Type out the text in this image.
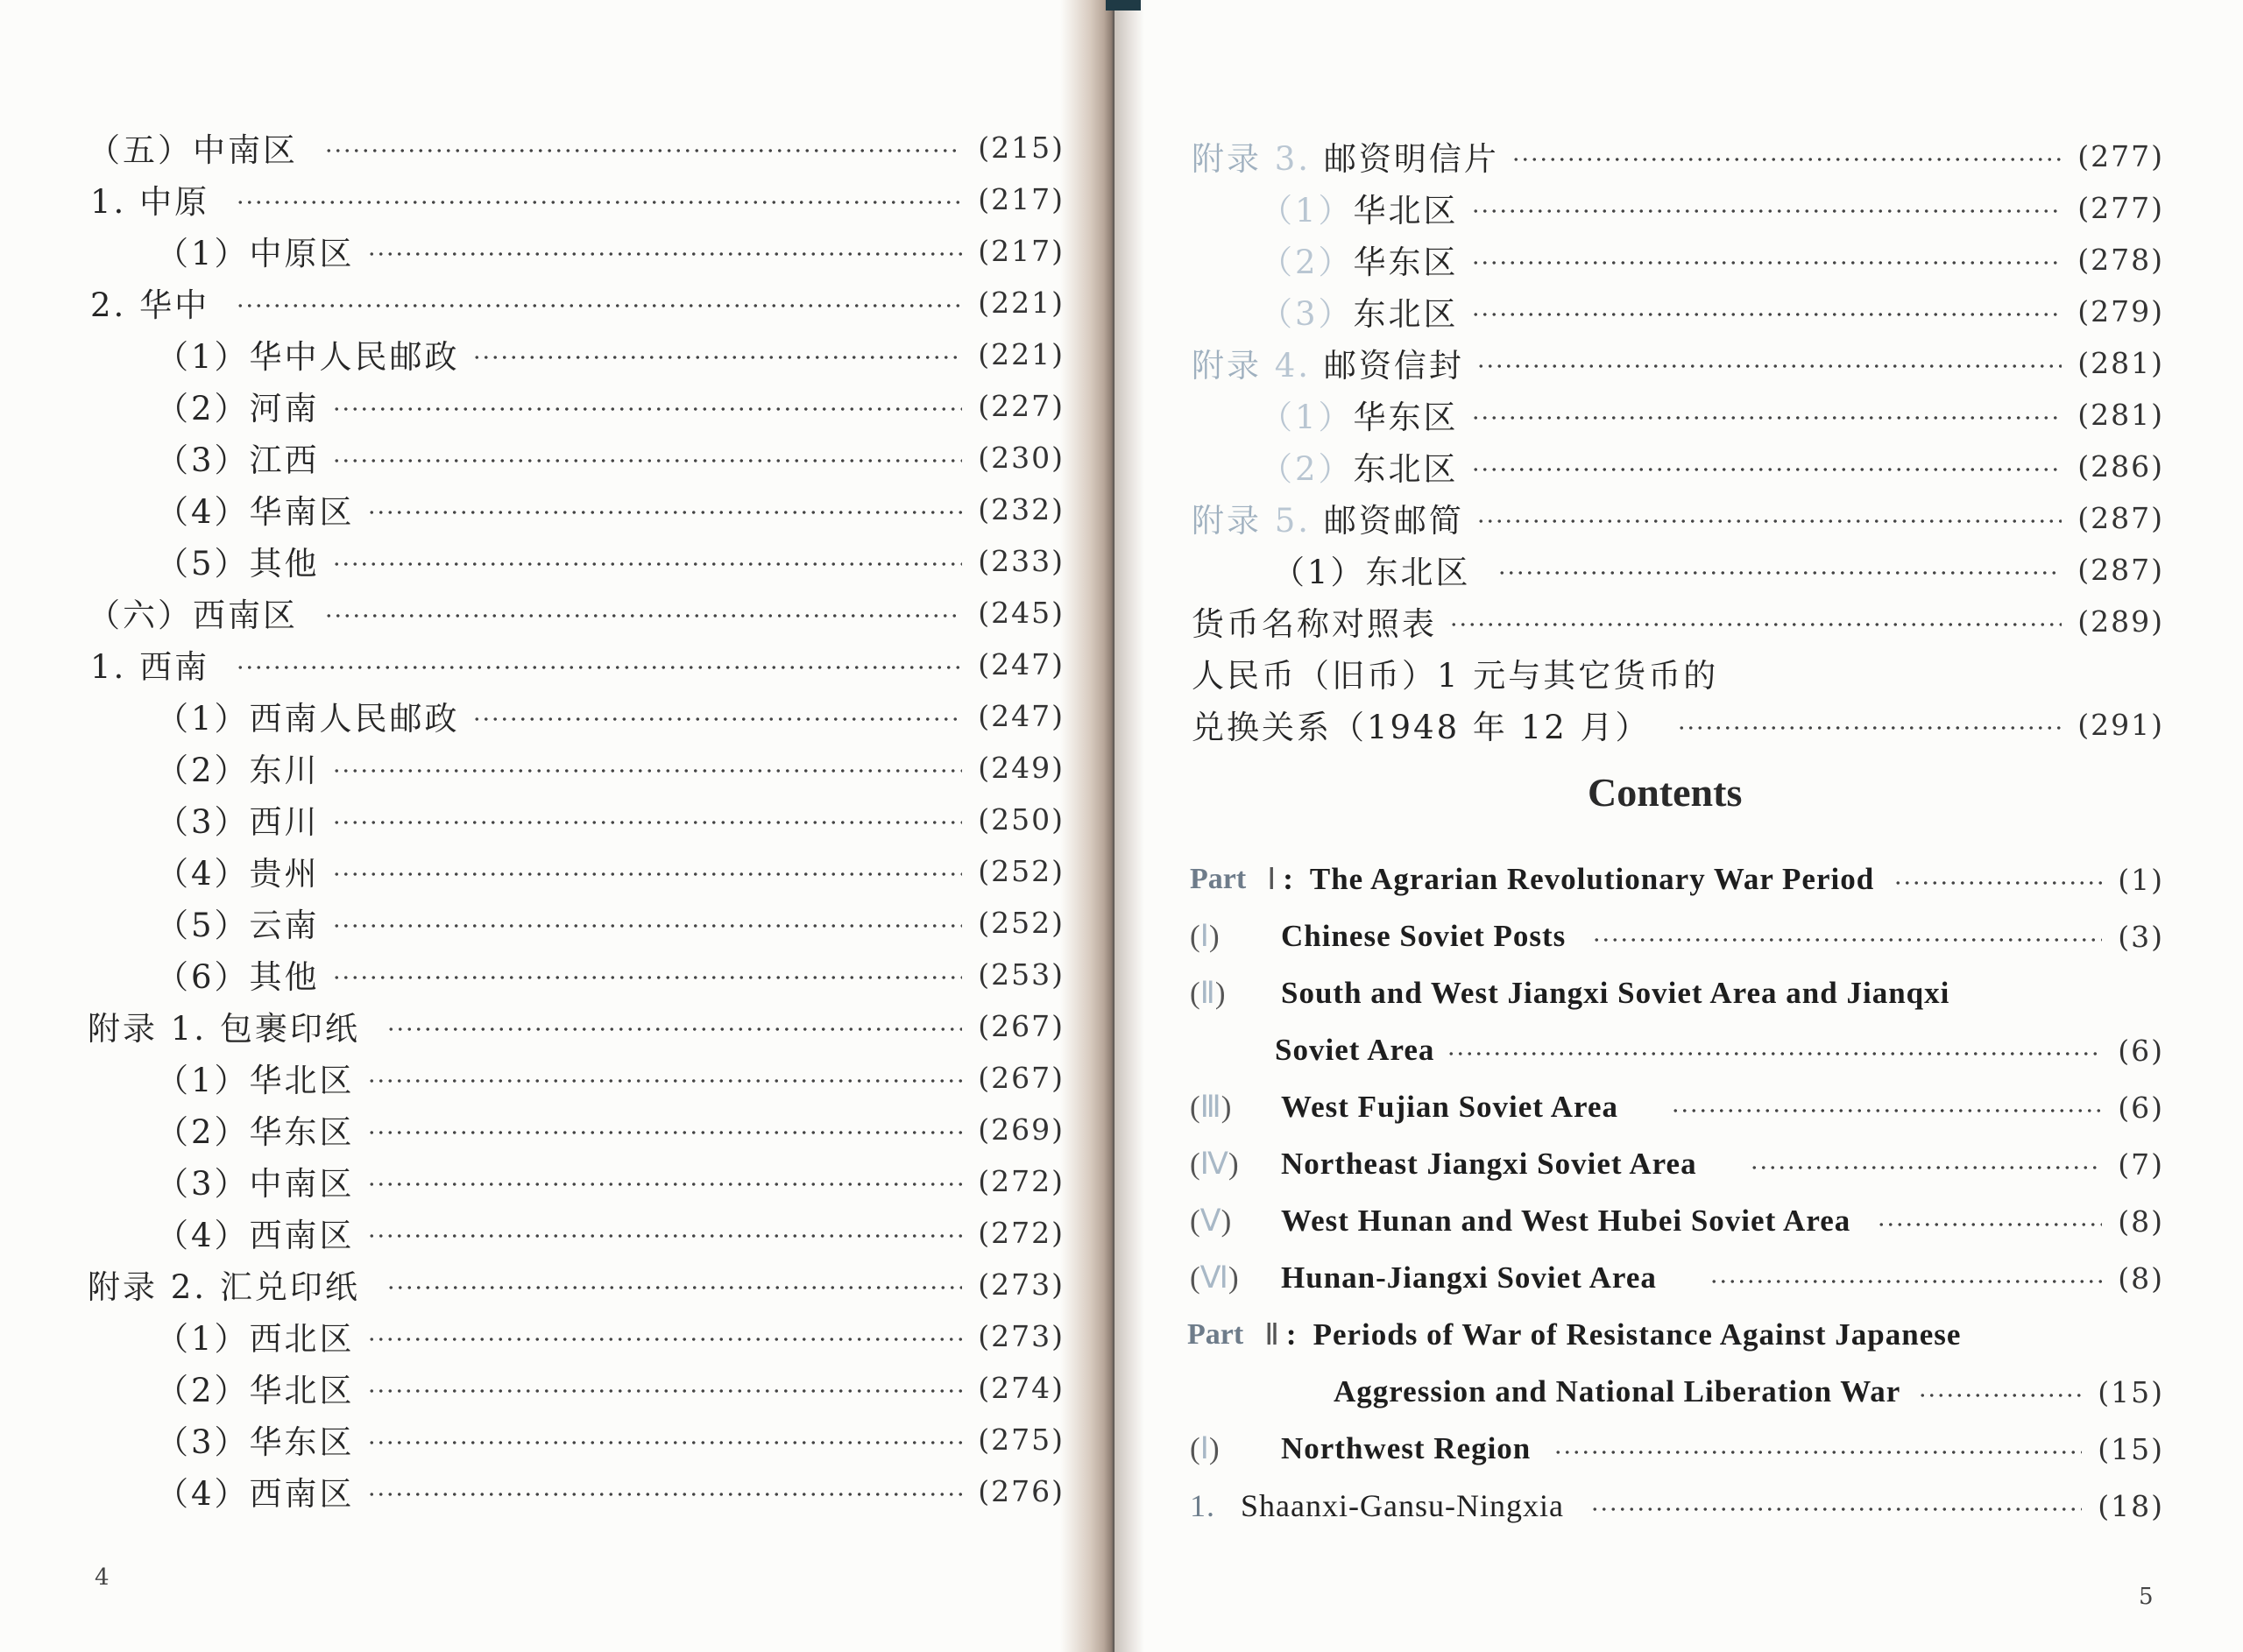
（五）中南区	(215)
1. 中原	(217)
（1）中原区	(217)
2. 华中	(221)
（1）华中人民邮政	(221)
（2）河南	(227)
（3）江西	(230)
（4）华南区	(232)
（5）其他	(233)
（六）西南区	(245)
1. 西南	(247)
（1）西南人民邮政	(247)
（2）东川	(249)
（3）西川	(250)
（4）贵州	(252)
（5）云南	(252)
（6）其他	(253)
附录 1. 包裹印纸	(267)
（1）华北区	(267)
（2）华东区	(269)
（3）中南区	(272)
（4）西南区	(272)
附录 2. 汇兑印纸	(273)
（1）西北区	(273)
（2）华北区	(274)
（3）华东区	(275)
（4）西南区	(276)
4
附录 3. 邮资明信片	(277)
（1）华北区	(277)
（2）华东区	(278)
（3）东北区	(279)
附录 4. 邮资信封	(281)
（1）华东区	(281)
（2）东北区	(286)
附录 5. 邮资邮简	(287)
（1）东北区	(287)
货币名称对照表	(289)
人民币（旧币）1 元与其它货币的
兑换关系（1948 年 12 月）	(291)
Contents
Part Ⅰ : The Agrarian Revolutionary War Period	(1)
(Ⅰ)	Chinese Soviet Posts	(3)
(Ⅱ)	South and West Jiangxi Soviet Area and Jianqxi
Soviet Area	(6)
(Ⅲ)	West Fujian Soviet Area	(6)
(Ⅳ)	Northeast Jiangxi Soviet Area	(7)
(Ⅴ)	West Hunan and West Hubei Soviet Area	(8)
(Ⅵ)	Hunan-Jiangxi Soviet Area	(8)
Part Ⅱ : Periods of War of Resistance Against Japanese
Aggression and National Liberation War	(15)
(Ⅰ)	Northwest Region	(15)
1. Shaanxi-Gansu-Ningxia	(18)
5
